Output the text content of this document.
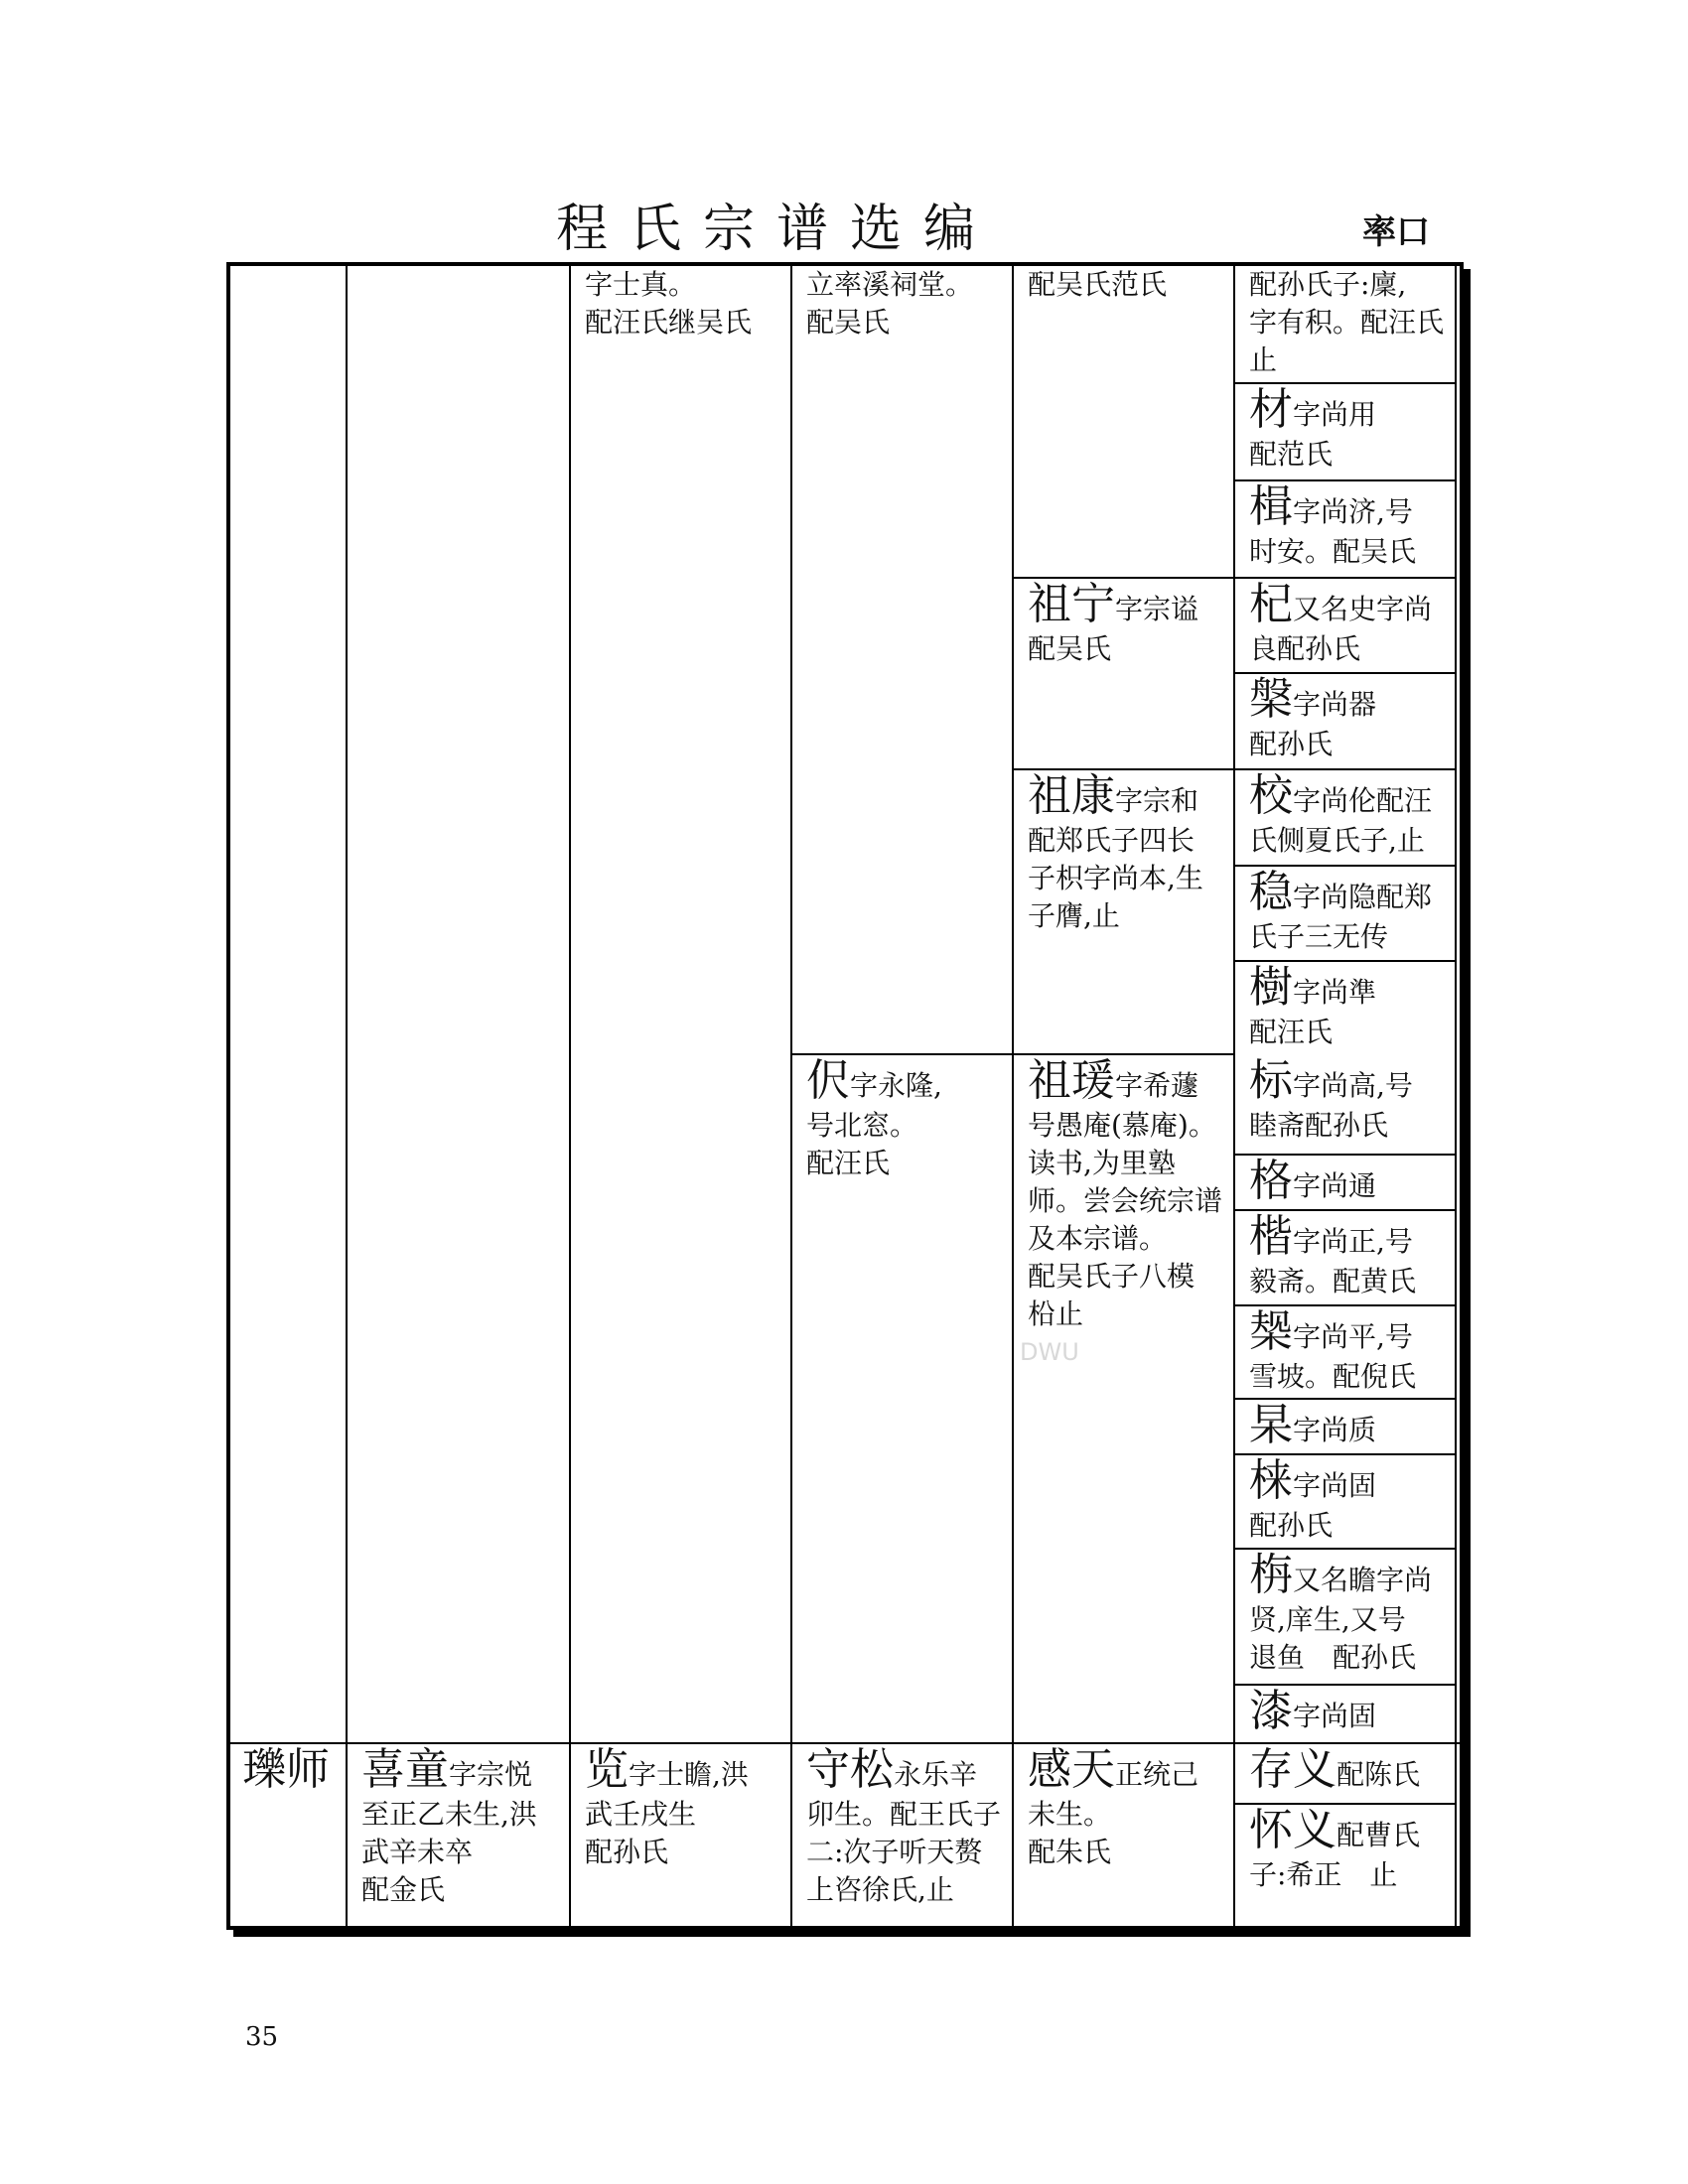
程氏宗谱选编	率口
字士真。
配汪氏继吴氏
立率溪祠堂。
配吴氏
配吴氏范氏	配孙氏子:廩,
字有积。配汪氏
止
材字尚用
配范氏
楫字尚济,号
时安。配吴氏
祖宁字宗谥
配吴氏
杞又名史字尚
良配孙氏
槃字尚器
配孙氏
祖康字宗和
配郑氏子四长
子枳字尚本,生
子膺,止
校字尚伦配汪
氏侧夏氏子,止
稳字尚隐配郑
氏子三无传
樹字尚準
配汪氏
伬字永隆,
号北窓。
配汪氏
祖瑗字希蘧
号愚庵(慕庵)。
读书,为里塾
师。尝会统宗谱
及本宗谱。
配吴氏子八模
柗止
标字尚高,号
睦斋配孙氏
格字尚通
楷字尚正,号
毅斋。配黄氏
椝字尚平,号
雪坡。配倪氏
杲字尚质
梾字尚固
配孙氏
栴又名瞻字尚
贤,庠生,又号
退鱼　配孙氏
漆字尚固
瓅师 喜童字宗悦
至正乙未生,洪
武辛未卒
配金氏
览字士瞻,洪
武壬戌生
配孙氏
守松永乐辛
卯生。配王氏子
二:次子听天赘
上咨徐氏,止
感天正统己
未生。
配朱氏
存义配陈氏
怀义配曹氏
子:希正　止
DWU
35
